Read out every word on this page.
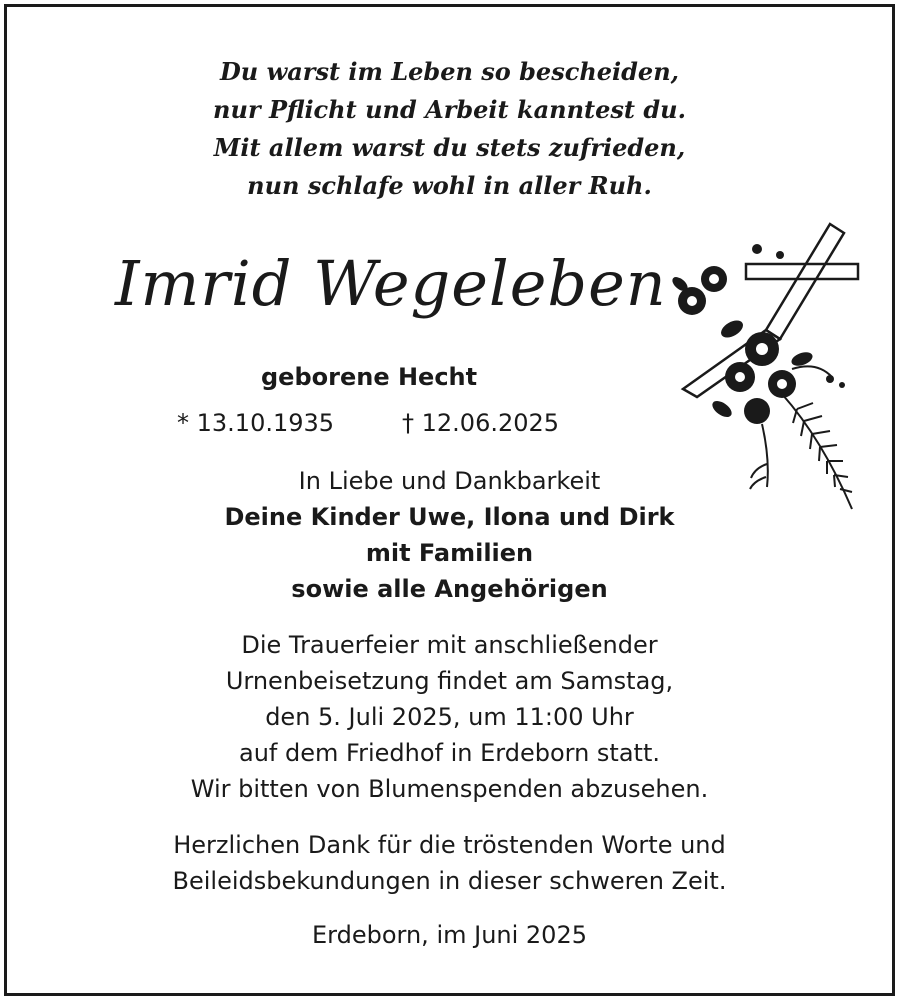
Du warst im Leben so bescheiden,
nur Pflicht und Arbeit kanntest du.
Mit allem warst du stets zufrieden,
nun schlafe wohl in aller Ruh.
Imrid Wegeleben
geborene Hecht
* 13.10.1935	† 12.06.2025
In Liebe und Dankbarkeit
Deine Kinder Uwe, Ilona und Dirk
mit Familien
sowie alle Angehörigen
Die Trauerfeier mit anschließender
Urnenbeisetzung findet am Samstag,
den 5. Juli 2025, um 11:00 Uhr
auf dem Friedhof in Erdeborn statt.
Wir bitten von Blumenspenden abzusehen.
Herzlichen Dank für die tröstenden Worte und
Beileidsbekundungen in dieser schweren Zeit.
Erdeborn, im Juni 2025
